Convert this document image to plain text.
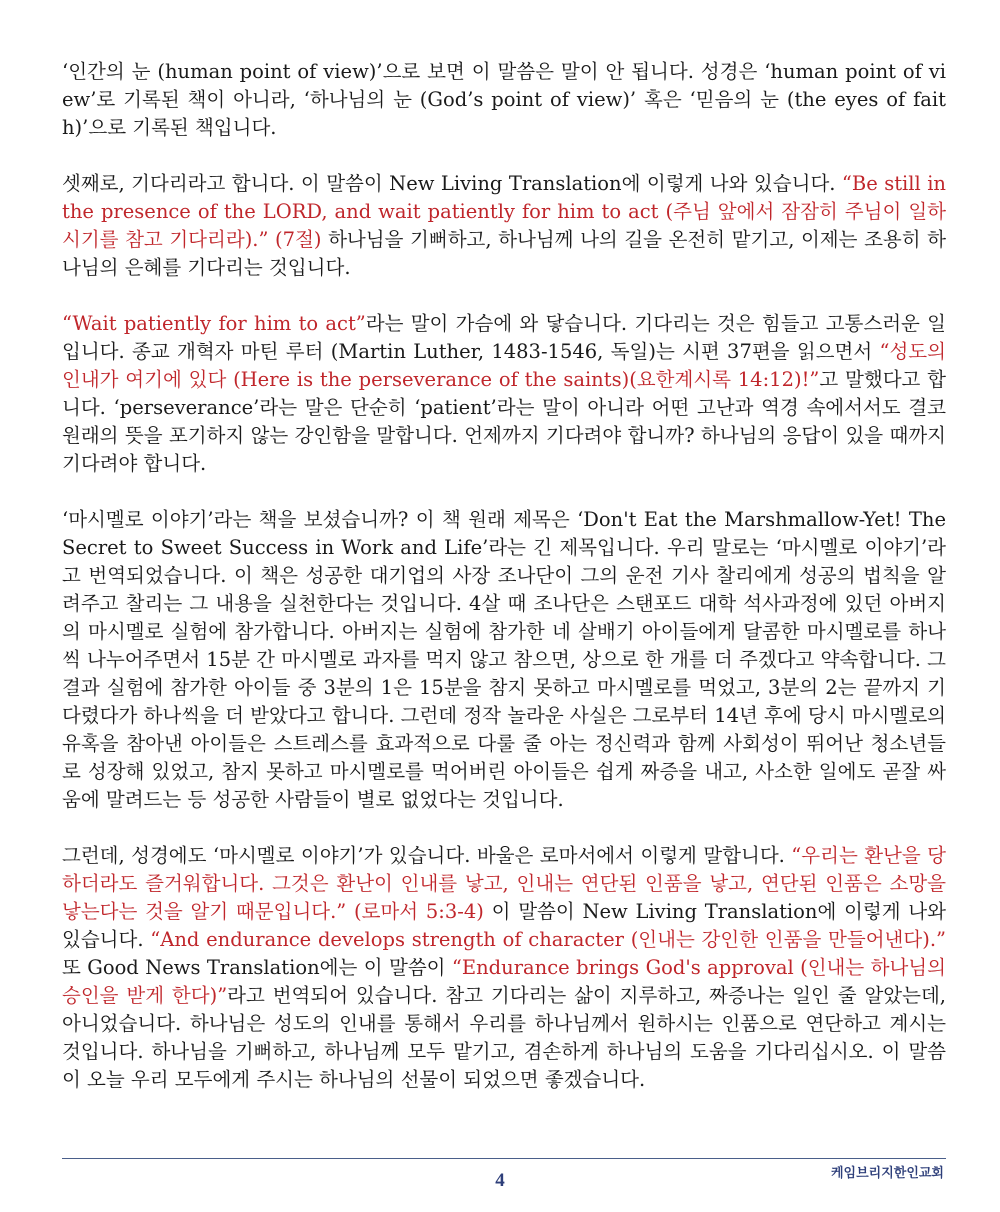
‘인간의 눈 (human point of view)’으로 보면 이 말씀은 말이 안 됩니다. 성경은 ‘human point of view’로 기록된 책이 아니라, ‘하나님의 눈 (God’s point of view)’ 혹은 ‘믿음의 눈 (the eyes of faith)’으로 기록된 책입니다.

셋째로, 기다리라고 합니다. 이 말씀이 New Living Translation에 이렇게 나와 있습니다. “Be still in the presence of the LORD, and wait patiently for him to act (주님 앞에서 잠잠히 주님이 일하시기를 참고 기다리라).” (7절) 하나님을 기뻐하고, 하나님께 나의 길을 온전히 맡기고, 이제는 조용히 하나님의 은혜를 기다리는 것입니다.

“Wait patiently for him to act”라는 말이 가슴에 와 닿습니다. 기다리는 것은 힘들고 고통스러운 일입니다. 종교 개혁자 마틴 루터 (Martin Luther, 1483-1546, 독일)는 시편 37편을 읽으면서 “성도의 인내가 여기에 있다 (Here is the perseverance of the saints)(요한계시록 14:12)!”고 말했다고 합니다. ‘perseverance’라는 말은 단순히 ‘patient’라는 말이 아니라 어떤 고난과 역경 속에서서도 결코 원래의 뜻을 포기하지 않는 강인함을 말합니다. 언제까지 기다려야 합니까? 하나님의 응답이 있을 때까지 기다려야 합니다.

‘마시멜로 이야기’라는 책을 보셨습니까? 이 책 원래 제목은 ‘Don't Eat the Marshmallow-Yet! The Secret to Sweet Success in Work and Life’라는 긴 제목입니다. 우리 말로는 ‘마시멜로 이야기’라고 번역되었습니다. 이 책은 성공한 대기업의 사장 조나단이 그의 운전 기사 찰리에게 성공의 법칙을 알려주고 찰리는 그 내용을 실천한다는 것입니다. 4살 때 조나단은 스탠포드 대학 석사과정에 있던 아버지의 마시멜로 실험에 참가합니다. 아버지는 실험에 참가한 네 살배기 아이들에게 달콤한 마시멜로를 하나씩 나누어주면서 15분 간 마시멜로 과자를 먹지 않고 참으면, 상으로 한 개를 더 주겠다고 약속합니다. 그 결과 실험에 참가한 아이들 중 3분의 1은 15분을 참지 못하고 마시멜로를 먹었고, 3분의 2는 끝까지 기다렸다가 하나씩을 더 받았다고 합니다. 그런데 정작 놀라운 사실은 그로부터 14년 후에 당시 마시멜로의 유혹을 참아낸 아이들은 스트레스를 효과적으로 다룰 줄 아는 정신력과 함께 사회성이 뛰어난 청소년들로 성장해 있었고, 참지 못하고 마시멜로를 먹어버린 아이들은 쉽게 짜증을 내고, 사소한 일에도 곧잘 싸움에 말려드는 등 성공한 사람들이 별로 없었다는 것입니다.

그런데, 성경에도 ‘마시멜로 이야기’가 있습니다. 바울은 로마서에서 이렇게 말합니다. “우리는 환난을 당하더라도 즐거워합니다. 그것은 환난이 인내를 낳고, 인내는 연단된 인품을 낳고, 연단된 인품은 소망을 낳는다는 것을 알기 때문입니다.” (로마서 5:3-4) 이 말씀이 New Living Translation에 이렇게 나와 있습니다. “And endurance develops strength of character (인내는 강인한 인품을 만들어낸다).” 또 Good News Translation에는 이 말씀이 “Endurance brings God's approval (인내는 하나님의 승인을 받게 한다)”라고 번역되어 있습니다. 참고 기다리는 삶이 지루하고, 짜증나는 일인 줄 알았는데, 아니었습니다. 하나님은 성도의 인내를 통해서 우리를 하나님께서 원하시는 인품으로 연단하고 계시는 것입니다. 하나님을 기뻐하고, 하나님께 모두 맡기고, 겸손하게 하나님의 도움을 기다리십시오. 이 말씀이 오늘 우리 모두에게 주시는 하나님의 선물이 되었으면 좋겠습니다.

4	케임브리지한인교회
